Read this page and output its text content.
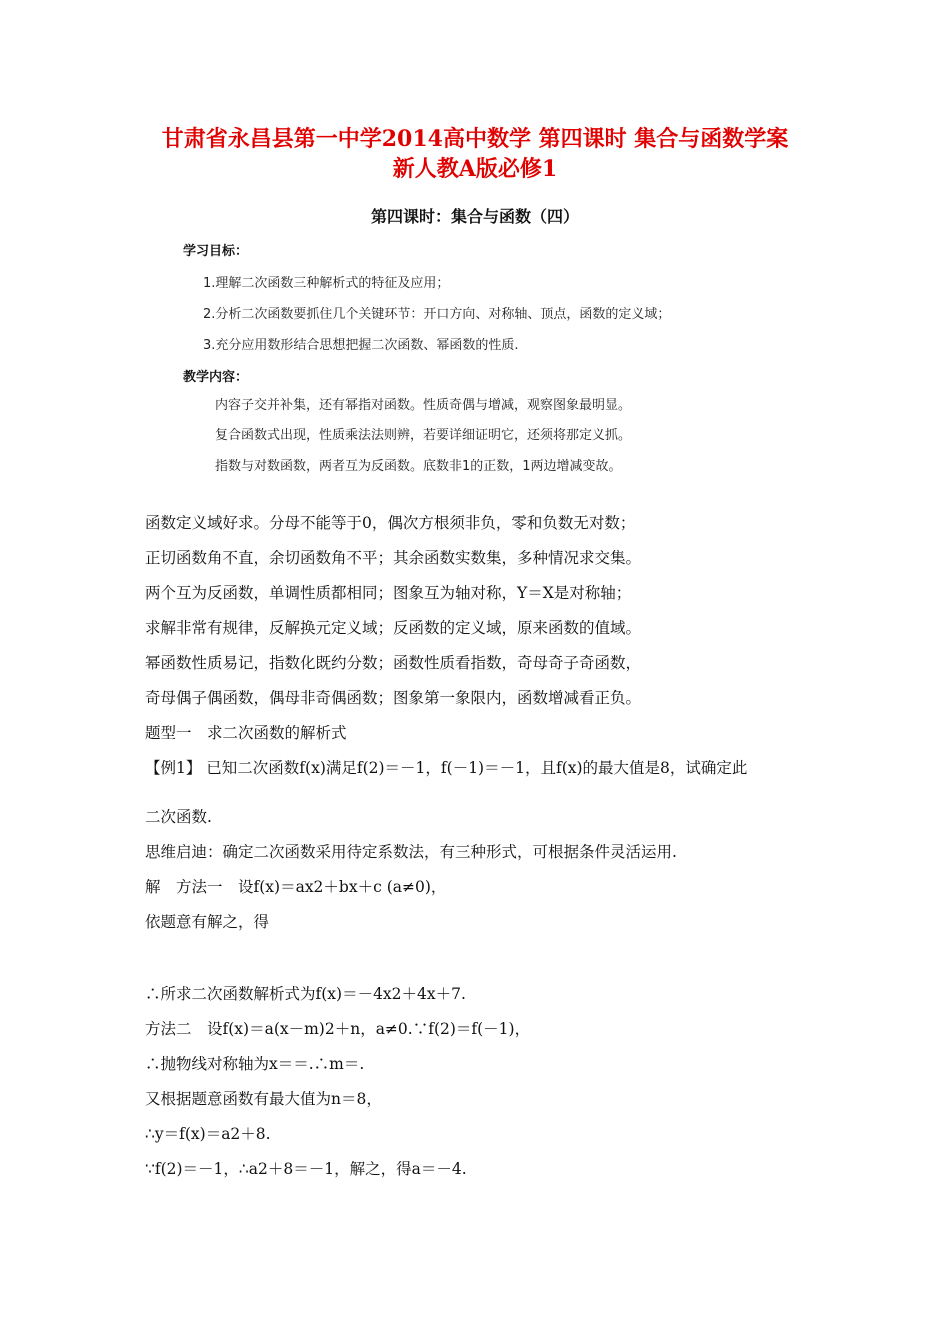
甘肃省永昌县第一中学2014高中数学 第四课时 集合与函数学案
新人教A版必修1
第四课时：集合与函数（四）
学习目标：
1.理解二次函数三种解析式的特征及应用；
2.分析二次函数要抓住几个关键环节：开口方向、对称轴、顶点，函数的定义域；
3.充分应用数形结合思想把握二次函数、幂函数的性质.
教学内容：
内容子交并补集，还有幂指对函数。性质奇偶与增减，观察图象最明显。
复合函数式出现，性质乘法法则辨，若要详细证明它，还须将那定义抓。
指数与对数函数，两者互为反函数。底数非1的正数，1两边增减变故。
函数定义域好求。分母不能等于0，偶次方根须非负，零和负数无对数；
正切函数角不直，余切函数角不平；其余函数实数集，多种情况求交集。
两个互为反函数，单调性质都相同；图象互为轴对称，Y＝X是对称轴；
求解非常有规律，反解换元定义域；反函数的定义域，原来函数的值域。
幂函数性质易记，指数化既约分数；函数性质看指数，奇母奇子奇函数，
奇母偶子偶函数，偶母非奇偶函数；图象第一象限内，函数增减看正负。
题型一　求二次函数的解析式
【例1】 已知二次函数f(x)满足f(2)＝－1，f(－1)＝－1，且f(x)的最大值是8，试确定此
二次函数.
思维启迪：确定二次函数采用待定系数法，有三种形式，可根据条件灵活运用.
解　方法一　设f(x)＝ax2＋bx＋c (a≠0)，
依题意有解之，得
∴所求二次函数解析式为f(x)＝－4x2＋4x＋7.
方法二　设f(x)＝a(x－m)2＋n，a≠0.∵f(2)＝f(－1)，
∴抛物线对称轴为x＝＝.∴m＝.
又根据题意函数有最大值为n＝8，
∴y＝f(x)＝a2＋8.
∵f(2)＝－1，∴a2＋8＝－1，解之，得a＝－4.
